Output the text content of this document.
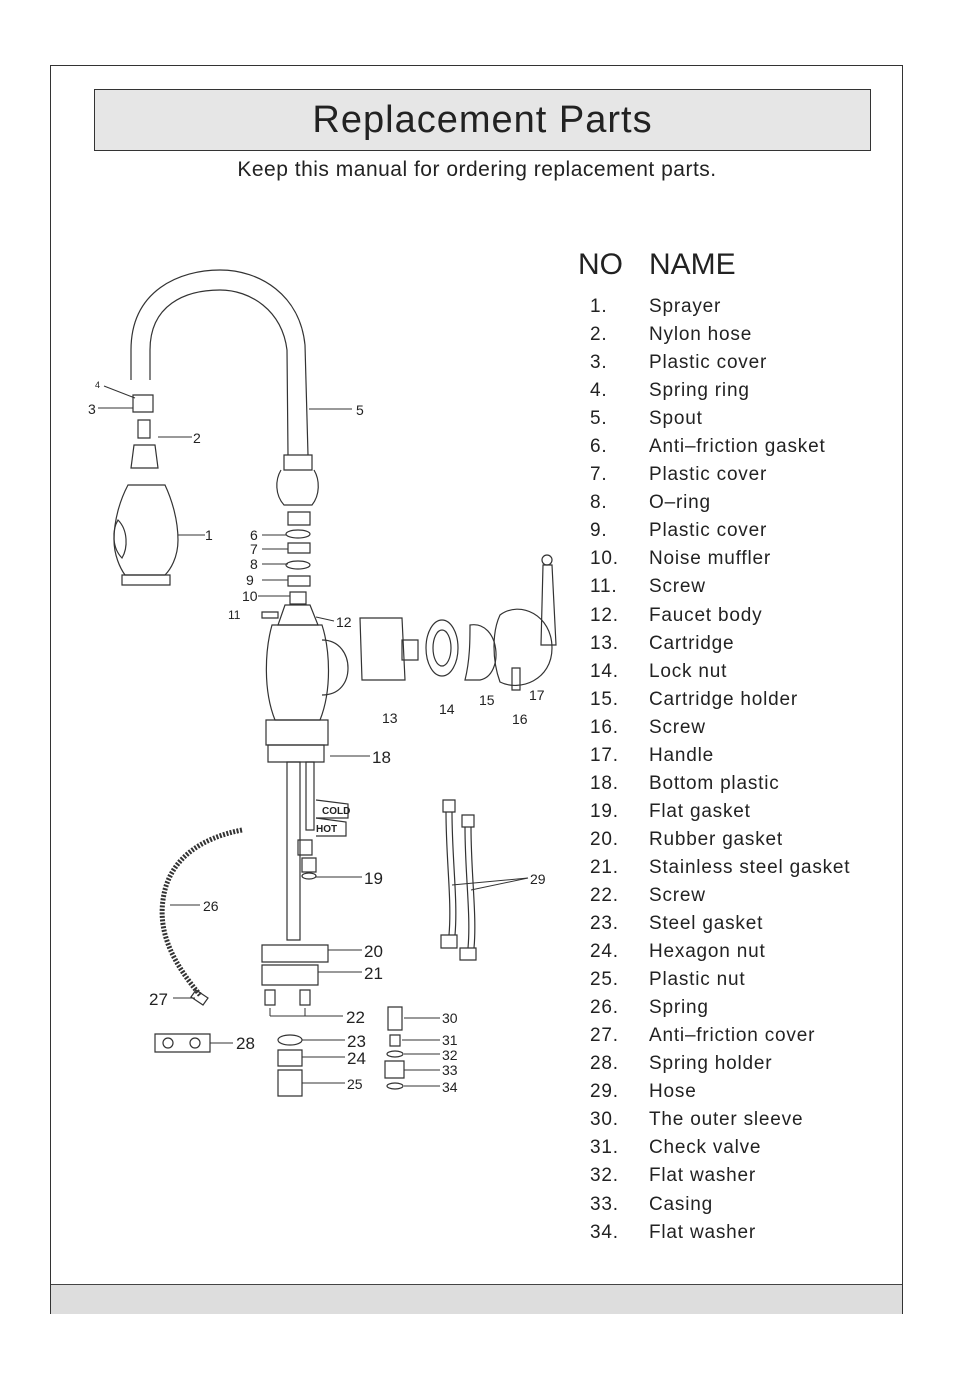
Replacement Parts
Keep this manual for ordering replacement parts.
COLD
HOT
1
2
3
4
5
6
7
8
9
10
11	12
13
14
15
16
17
18
19
20
21
22
23
24
25
26
27
28
29
30
31
32
33
34
NO NAME
1. Sprayer
2. Nylon hose
3. Plastic cover
4. Spring ring
5. Spout
6. Anti–friction gasket
7. Plastic cover
8. O–ring
9. Plastic cover
10. Noise muffler
11. Screw
12. Faucet body
13. Cartridge
14. Lock nut
15. Cartridge holder
16. Screw
17. Handle
18. Bottom plastic
19. Flat gasket
20. Rubber gasket
21. Stainless steel gasket
22. Screw
23. Steel gasket
24. Hexagon nut
25. Plastic nut
26. Spring
27. Anti–friction cover
28. Spring holder
29. Hose
30. The outer sleeve
31. Check valve
32. Flat washer
33. Casing
34. Flat washer
